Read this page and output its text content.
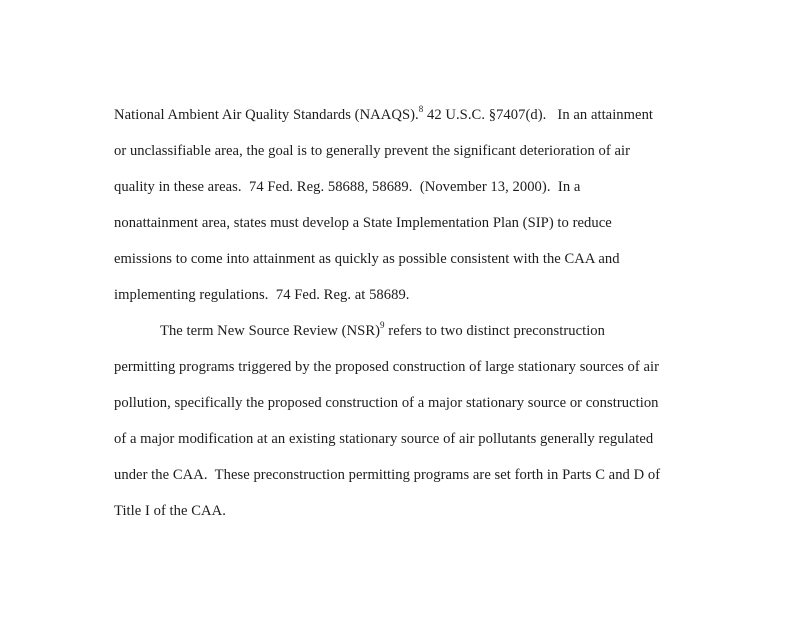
National Ambient Air Quality Standards (NAAQS).$^8$ 42 U.S.C. §7407(d).   In an attainment

or unclassifiable area, the goal is to generally prevent the significant deterioration of air

quality in these areas.  74 Fed. Reg. 58688, 58689.  (November 13, 2000).  In a

nonattainment area, states must develop a State Implementation Plan (SIP) to reduce

emissions to come into attainment as quickly as possible consistent with the CAA and

implementing regulations.  74 Fed. Reg. at 58689.

The term New Source Review (NSR)$^9$ refers to two distinct preconstruction

permitting programs triggered by the proposed construction of large stationary sources of air

pollution, specifically the proposed construction of a major stationary source or construction

of a major modification at an existing stationary source of air pollutants generally regulated

under the CAA.  These preconstruction permitting programs are set forth in Parts C and D of

Title I of the CAA.
